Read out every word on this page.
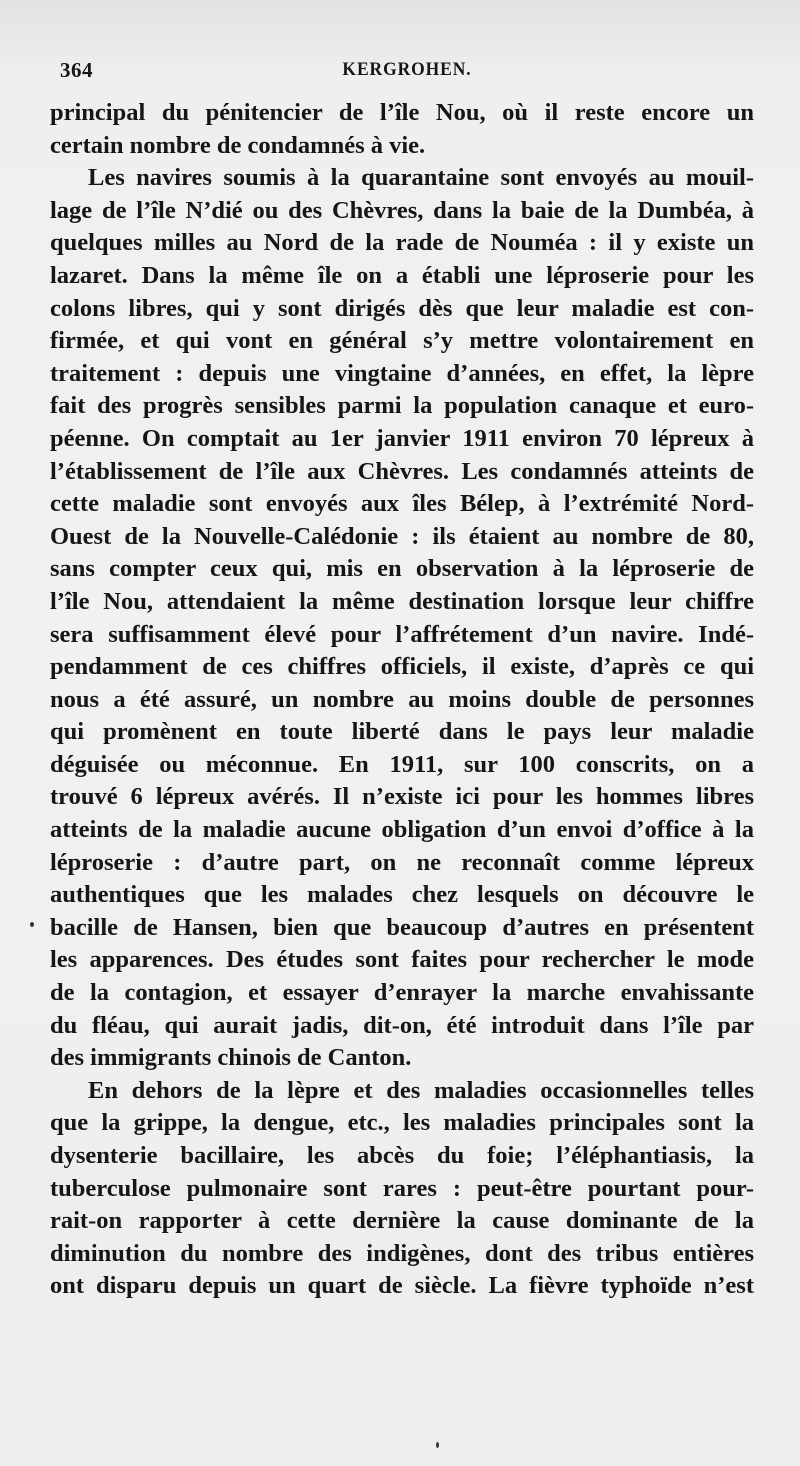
364	KERGROHEN.
principal du pénitencier de l’île Nou, où il reste encore un
certain nombre de condamnés à vie.
Les navires soumis à la quarantaine sont envoyés au mouil-
lage de l’île N’dié ou des Chèvres, dans la baie de la Dumbéa, à
quelques milles au Nord de la rade de Nouméa : il y existe un
lazaret. Dans la même île on a établi une léproserie pour les
colons libres, qui y sont dirigés dès que leur maladie est con-
firmée, et qui vont en général s’y mettre volontairement en
traitement : depuis une vingtaine d’années, en effet, la lèpre
fait des progrès sensibles parmi la population canaque et euro-
péenne. On comptait au 1er janvier 1911 environ 70 lépreux à
l’établissement de l’île aux Chèvres. Les condamnés atteints de
cette maladie sont envoyés aux îles Bélep, à l’extrémité Nord-
Ouest de la Nouvelle-Calédonie : ils étaient au nombre de 80,
sans compter ceux qui, mis en observation à la léproserie de
l’île Nou, attendaient la même destination lorsque leur chiffre
sera suffisamment élevé pour l’affrétement d’un navire. Indé-
pendamment de ces chiffres officiels, il existe, d’après ce qui
nous a été assuré, un nombre au moins double de personnes
qui promènent en toute liberté dans le pays leur maladie
déguisée ou méconnue. En 1911, sur 100 conscrits, on a
trouvé 6 lépreux avérés. Il n’existe ici pour les hommes libres
atteints de la maladie aucune obligation d’un envoi d’office à la
léproserie : d’autre part, on ne reconnaît comme lépreux
authentiques que les malades chez lesquels on découvre le
bacille de Hansen, bien que beaucoup d’autres en présentent
les apparences. Des études sont faites pour rechercher le mode
de la contagion, et essayer d’enrayer la marche envahissante
du fléau, qui aurait jadis, dit-on, été introduit dans l’île par
des immigrants chinois de Canton.
En dehors de la lèpre et des maladies occasionnelles telles
que la grippe, la dengue, etc., les maladies principales sont la
dysenterie bacillaire, les abcès du foie; l’éléphantiasis, la
tuberculose pulmonaire sont rares : peut-être pourtant pour-
rait-on rapporter à cette dernière la cause dominante de la
diminution du nombre des indigènes, dont des tribus entières
ont disparu depuis un quart de siècle. La fièvre typhoïde n’est
